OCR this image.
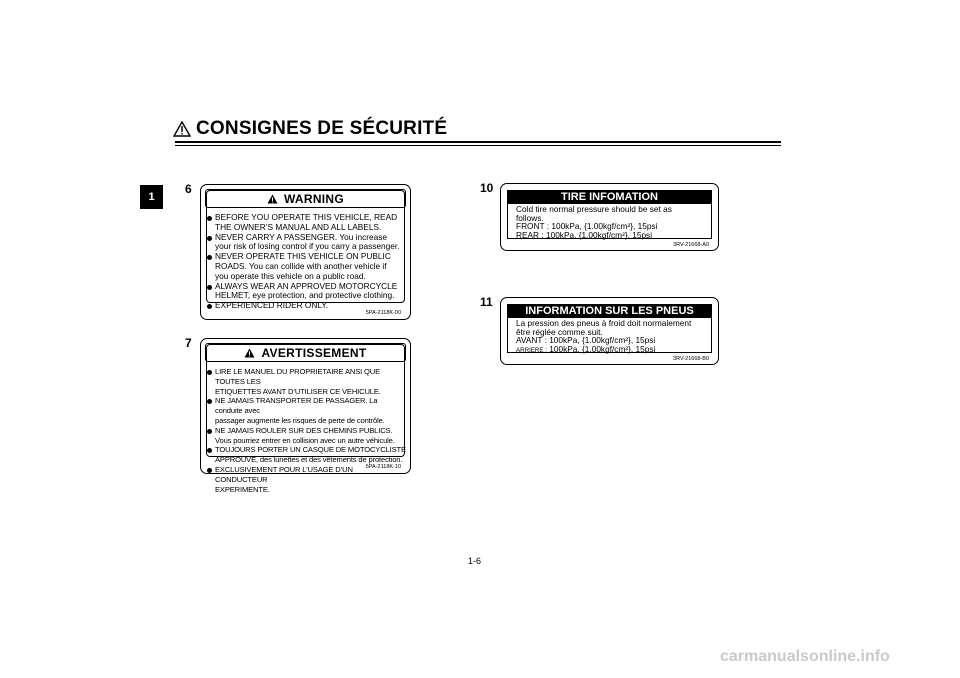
CONSIGNES DE SÉCURITÉ
1
6
WARNING
BEFORE YOU OPERATE THIS VEHICLE, READ
THE OWNER’S MANUAL AND ALL LABELS.
NEVER CARRY A PASSENGER. You increase
your risk of losing control if you carry a passenger.
NEVER OPERATE THIS VEHICLE ON PUBLIC
ROADS. You can collide with another vehicle if
you operate this vehicle on a public road.
ALWAYS WEAR AN APPROVED MOTORCYCLE
HELMET, eye protection, and protective clothing.
EXPERIENCED RIDER ONLY.
5PA-2118K-00
7
AVERTISSEMENT
LIRE LE MANUEL DU PROPRIETAIRE ANSI QUE TOUTES LES
ETIQUETTES AVANT D’UTILISER CE VEHICULE.
NE JAMAIS TRANSPORTER DE PASSAGER. La conduite avec
passager augmente les risques de perte de contrôle.
NE JAMAIS ROULER SUR DES CHEMINS PUBLICS.
Vous pourriez entrer en collision avec un autre véhicule.
TOUJOURS PORTER UN CASQUE DE MOTOCYCLISTE
APPROUVE, des lunettes et des vêtements de protection.
EXCLUSIVEMENT POUR L’USAGE D’UN CONDUCTEUR
EXPERIMENTE.
5PA-2118K-10
10
TIRE INFOMATION
Cold tire normal pressure should be set as
follows.
FRONT : 100kPa, {1.00kgf/cm²}, 15psi
REAR : 100kPa, {1.00kgf/cm²}, 15psi
3RV-21668-A0
11
INFORMATION SUR LES PNEUS
La pression des pneus à froid doit normalement
être réglée comme suit.
AVANT : 100kPa, {1.00kgf/cm²}, 15psi
ARRIERE : 100kPa, {1.00kgf/cm²}, 15psi
3RV-21668-B0
1-6
carmanualsonline.info
